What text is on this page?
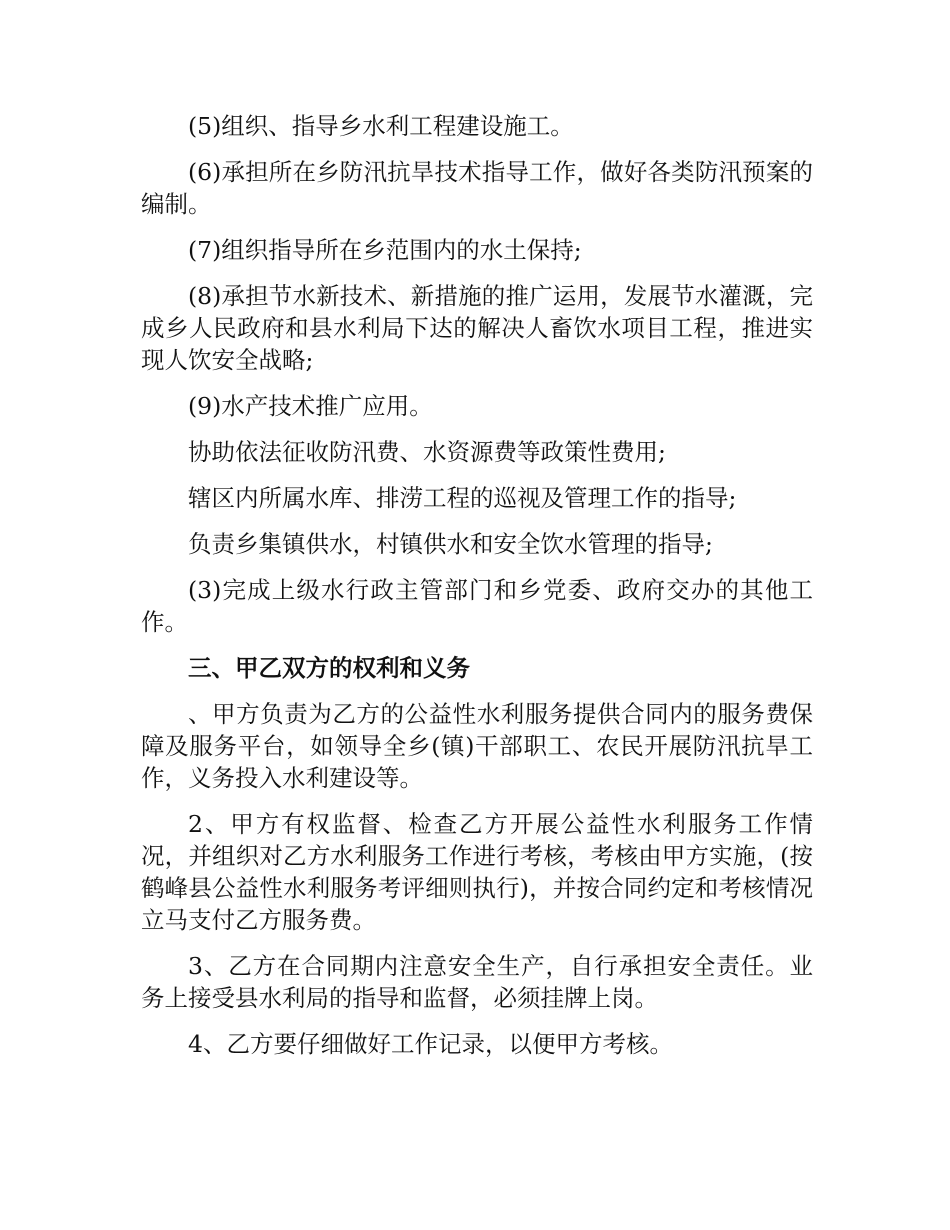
(5)组织、指导乡水利工程建设施工。

(6)承担所在乡防汛抗旱技术指导工作，做好各类防汛预案的编制。

(7)组织指导所在乡范围内的水土保持;

(8)承担节水新技术、新措施的推广运用，发展节水灌溉，完成乡人民政府和县水利局下达的解决人畜饮水项目工程，推进实现人饮安全战略;

(9)水产技术推广应用。

协助依法征收防汛费、水资源费等政策性费用;

辖区内所属水库、排涝工程的巡视及管理工作的指导;

负责乡集镇供水，村镇供水和安全饮水管理的指导;

(3)完成上级水行政主管部门和乡党委、政府交办的其他工作。

三、甲乙双方的权利和义务

、甲方负责为乙方的公益性水利服务提供合同内的服务费保障及服务平台，如领导全乡(镇)干部职工、农民开展防汛抗旱工作，义务投入水利建设等。

2、甲方有权监督、检查乙方开展公益性水利服务工作情况，并组织对乙方水利服务工作进行考核，考核由甲方实施，(按鹤峰县公益性水利服务考评细则执行)，并按合同约定和考核情况立马支付乙方服务费。

3、乙方在合同期内注意安全生产，自行承担安全责任。业务上接受县水利局的指导和监督，必须挂牌上岗。

4、乙方要仔细做好工作记录，以便甲方考核。
